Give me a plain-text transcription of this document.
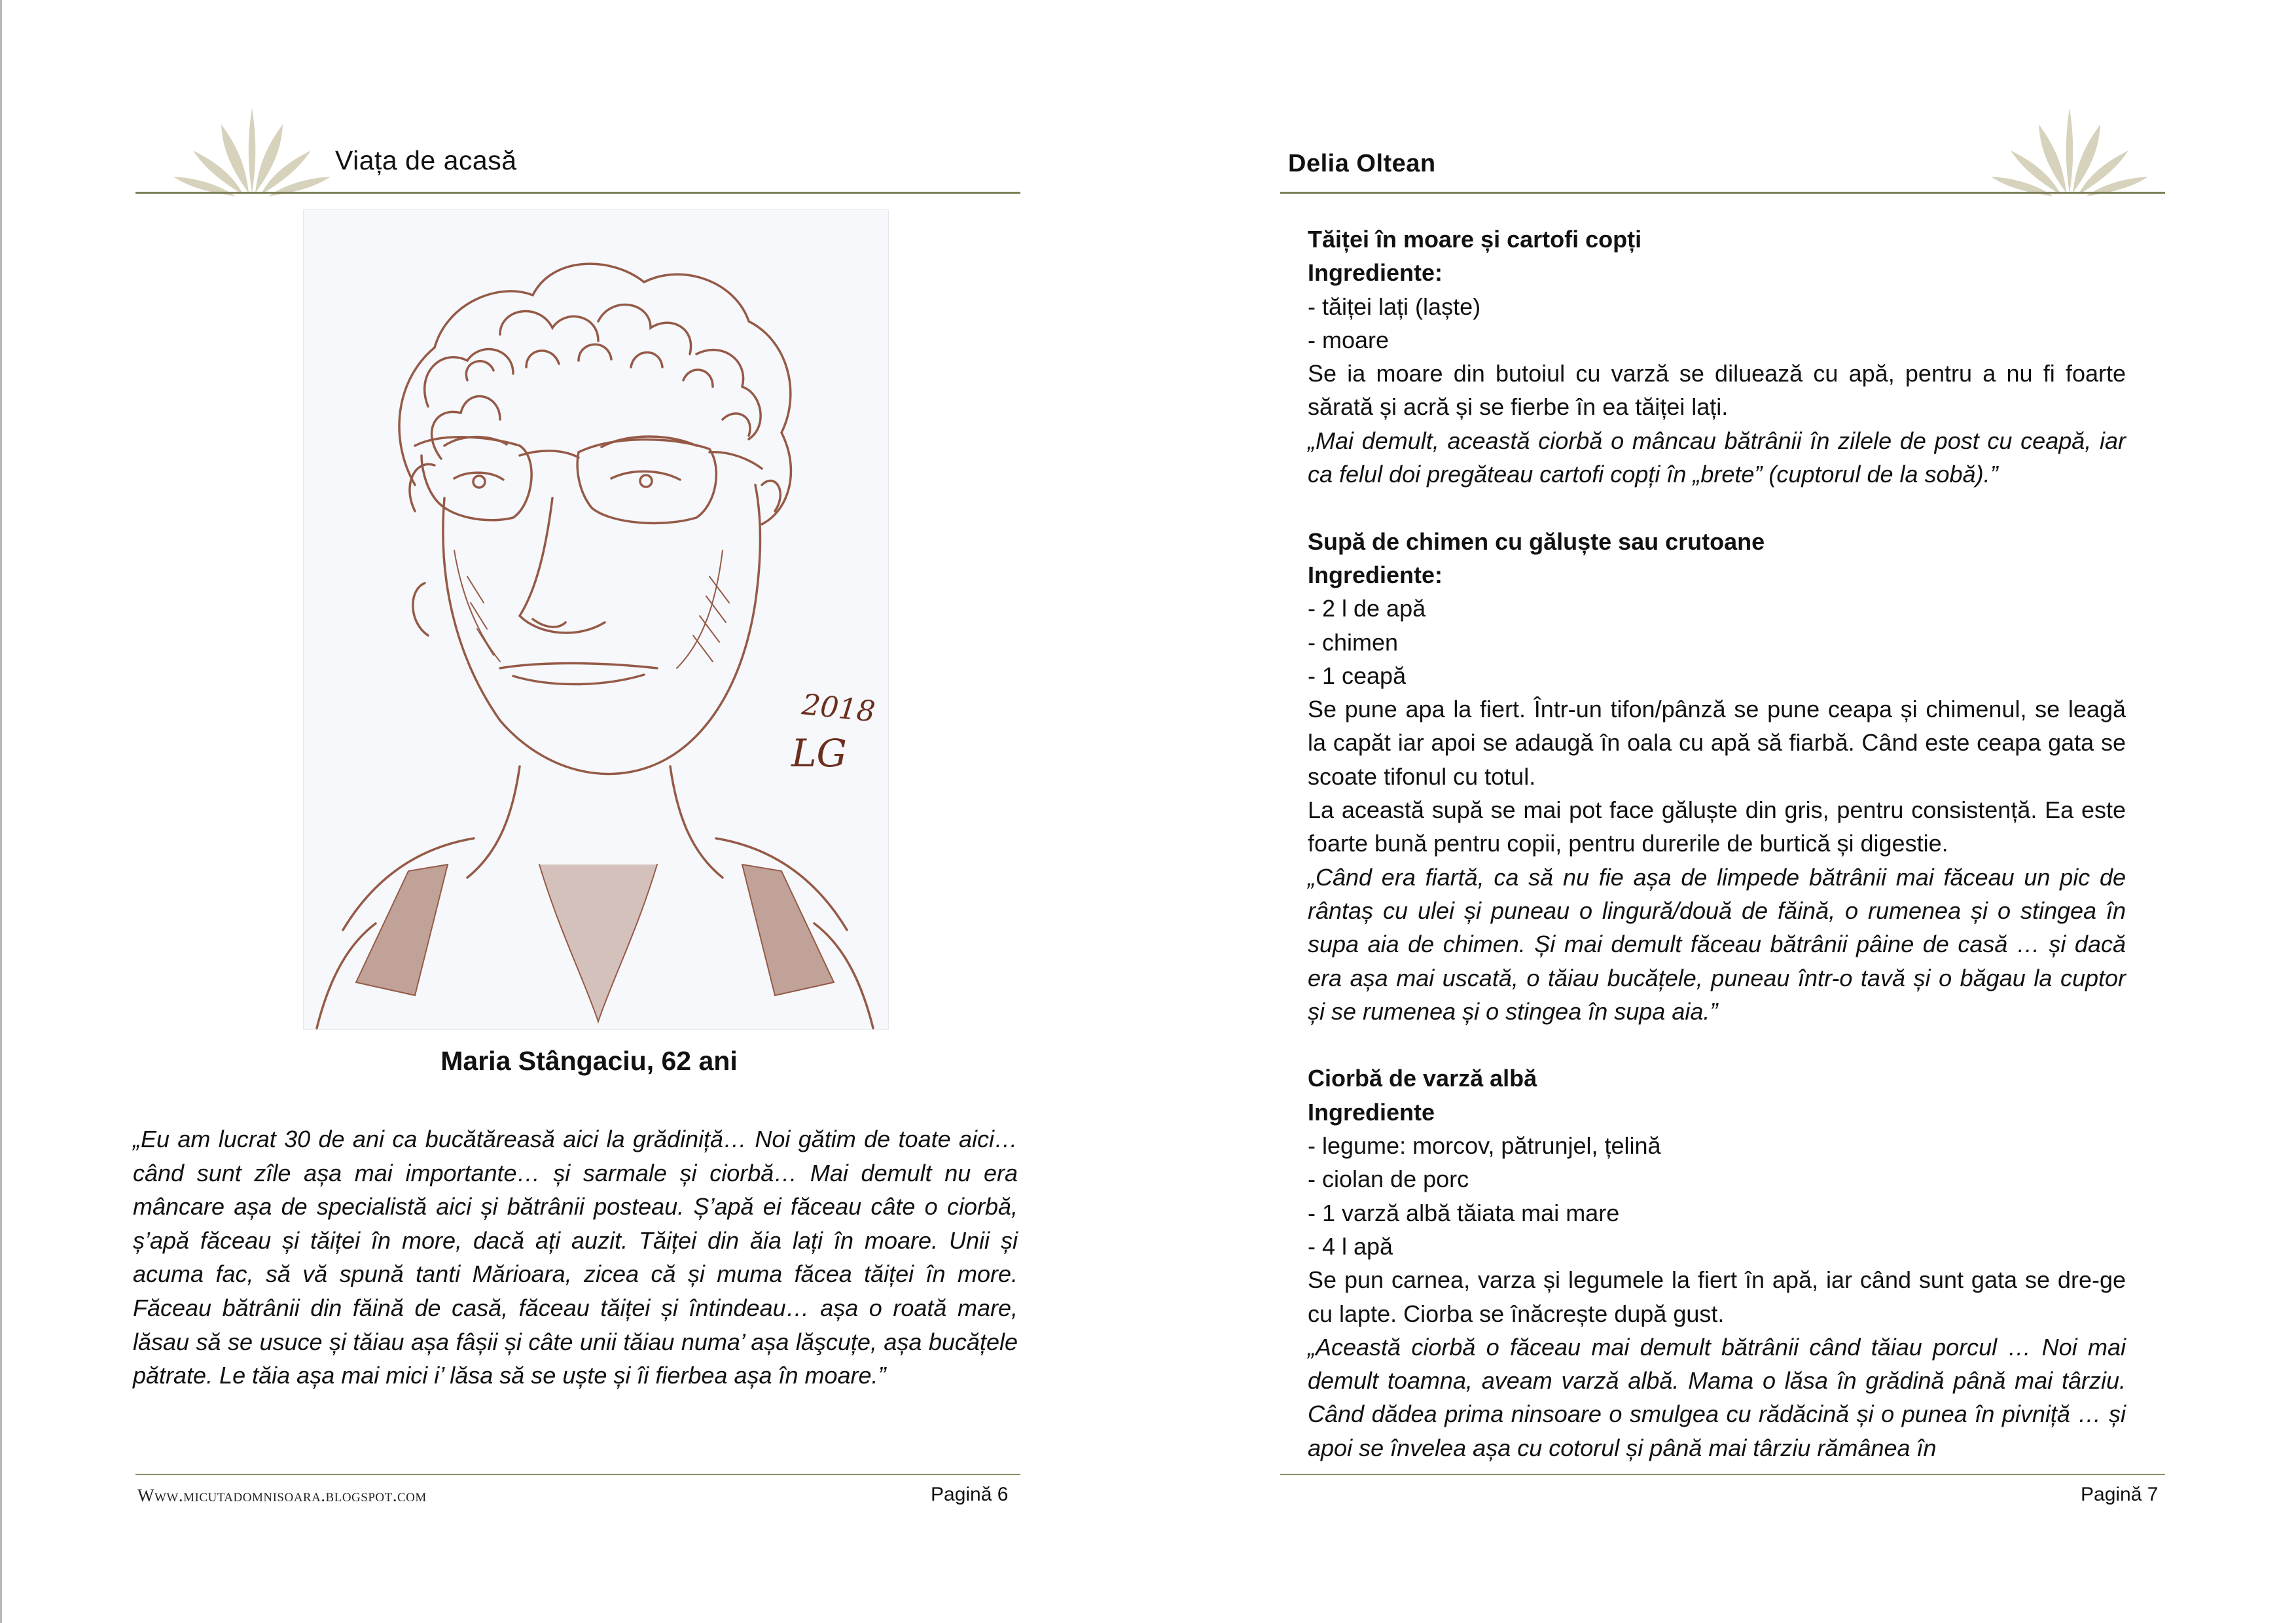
Viața de acasă
2018
LG
Maria Stângaciu, 62 ani

„Eu am lucrat 30 de ani ca bucătăreasă aici la grădiniță… Noi gătim de toate aici… când sunt zîle așa mai importante… și sarmale și ciorbă… Mai demult nu era mâncare așa de specialistă aici și bătrânii posteau. Ș’apă ei făceau câte o ciorbă, ș’apă făceau și tăiței în more, dacă ați auzit. Tăiței din ăia lați în moare. Unii și acuma fac, să vă spună tanti Mărioara, zicea că și muma făcea tăiței în more. Făceau bătrânii din făină de casă, făceau tăiței și întindeau… așa o roată mare, lăsau să se usuce și tăiau așa fâșii și câte unii tăiau numa’ așa lăşcuțe, așa bucățele pătrate. Le tăia așa mai mici i’ lăsa să se uște și îi fierbea așa în moare.”

Www.micutadomnisoara.blogspot.com	Pagină 6
Delia Oltean
Pagină 7

Tăiței în moare și cartofi copți

Ingrediente:

- tăiței lați (laște)

- moare

Se ia moare din butoiul cu varză se diluează cu apă, pentru a nu fi foarte sărată și acră și se fierbe în ea tăiței lați.

„Mai demult, această ciorbă o mâncau bătrânii în zilele de post cu ceapă, iar ca felul doi pregăteau cartofi copți în „brete” (cuptorul de la sobă).”

Supă de chimen cu găluște sau crutoane

Ingrediente:

- 2 l de apă

- chimen

- 1 ceapă

Se pune apa la fiert. Într-un tifon/pânză se pune ceapa și chimenul, se leagă la capăt iar apoi se adaugă în oala cu apă să fiarbă. Când este ceapa gata se scoate tifonul cu totul.

La această supă se mai pot face găluște din gris, pentru consistență. Ea este foarte bună pentru copii, pentru durerile de burtică și digestie.

„Când era fiartă, ca să nu fie așa de limpede bătrânii mai făceau un pic de rântaș cu ulei și puneau o lingură/două de făină, o rumenea și o stingea în supa aia de chimen. Și mai demult făceau bătrânii pâine de casă … și dacă era așa mai uscată, o tăiau bucățele, puneau într-o tavă și o băgau la cuptor și se rumenea și o stingea în supa aia.”

Ciorbă de varză albă

Ingrediente

- legume: morcov, pătrunjel, țelină

- ciolan de porc

- 1 varză albă tăiata mai mare

- 4 l apă

Se pun carnea, varza și legumele la fiert în apă, iar când sunt gata se dre-ge cu lapte. Ciorba se înăcrește după gust.

„Această ciorbă o făceau mai demult bătrânii când tăiau porcul … Noi mai demult toamna, aveam varză albă. Mama o lăsa în grădină până mai târziu. Când dădea prima ninsoare o smulgea cu rădăcină și o punea în pivniță … și apoi se învelea așa cu cotorul și până mai târziu rămânea în
